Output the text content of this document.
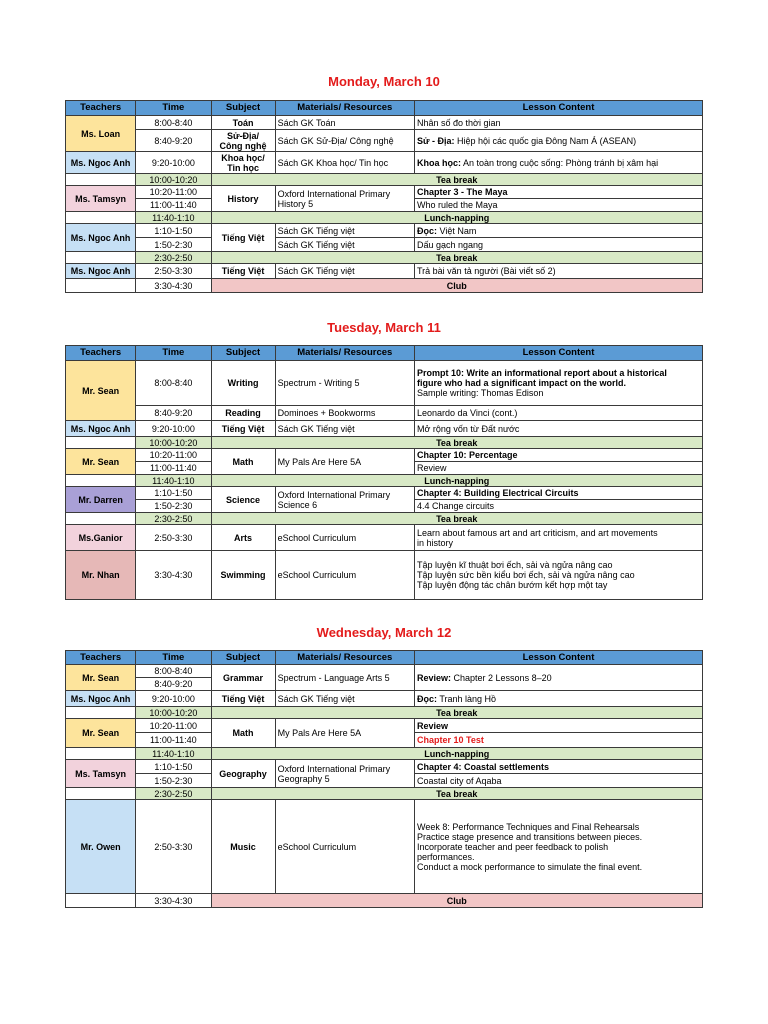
Monday, March 10
Teachers	Time	Subject	Materials/ Resources	Lesson Content
Ms. Loan	8:00-8:40	Toán	Sách GK Toán	Nhân số đo thời gian
	8:40-9:20	Sử-Địa/
Công nghệ	Sách GK Sử-Địa/ Công nghệ	Sử - Địa: Hiệp hội các quốc gia Đông Nam Á (ASEAN)
Ms. Ngoc Anh	9:20-10:00	Khoa học/
Tin học	Sách GK Khoa học/ Tin học	Khoa học: An toàn trong cuộc sống: Phòng tránh bị xâm hại
	10:00-10:20	Tea break		
Ms. Tamsyn	10:20-11:00	History	Oxford International Primary History 5	Chapter 3 - The Maya
	11:00-11:40			Who ruled the Maya
	11:40-1:10	Lunch-napping		
Ms. Ngoc Anh	1:10-1:50	Tiếng Việt	Sách GK Tiếng việt	Đọc: Việt Nam
	1:50-2:30		Sách GK Tiếng việt	Dấu gạch ngang
	2:30-2:50	Tea break		
Ms. Ngoc Anh	2:50-3:30	Tiếng Việt	Sách GK Tiếng việt	Trả bài văn tả người (Bài viết số 2)
	3:30-4:30	Club		
Tuesday, March 11
Teachers	Time	Subject	Materials/ Resources	Lesson Content
Mr. Sean	8:00-8:40	Writing	Spectrum - Writing 5	Prompt 10: Write an informational report about a historical
figure who had a significant impact on the world.
Sample writing: Thomas Edison

	8:40-9:20	Reading	Dominoes + Bookworms	Leonardo da Vinci (cont.)
Ms. Ngoc Anh	9:20-10:00	Tiếng Việt	Sách GK Tiếng việt	Mở rộng vốn từ Đất nước
	10:00-10:20	Tea break		
Mr. Sean	10:20-11:00	Math	My Pals Are Here 5A	Chapter 10: Percentage
	11:00-11:40			Review
	11:40-1:10	Lunch-napping		
Mr. Darren	1:10-1:50	Science	Oxford International Primary Science 6	Chapter 4: Building Electrical Circuits
	1:50-2:30			4.4 Change circuits
	2:30-2:50	Tea break		
Ms.Ganior	2:50-3:30	Arts	eSchool Curriculum	Learn about famous art and art criticism, and art movements
in history

Mr. Nhan	3:30-4:30	Swimming	eSchool Curriculum	Tập luyện kĩ thuật bơi ếch, sải và ngửa nâng cao
Tập luyện sức bền kiểu bơi ếch, sải và ngửa nâng cao
Tập luyện động tác chân bướm kết hợp một tay
Wednesday, March 12
Teachers	Time	Subject	Materials/ Resources	Lesson Content
Mr. Sean	8:00-8:40	Grammar	Spectrum - Language Arts 5	Review: Chapter 2 Lessons 8–20
	8:40-9:20			
Ms. Ngoc Anh	9:20-10:00	Tiếng Việt	Sách GK Tiếng việt	Đọc: Tranh làng Hồ
	10:00-10:20	Tea break		
Mr. Sean	10:20-11:00	Math	My Pals Are Here 5A	Review
	11:00-11:40			Chapter 10 Test
	11:40-1:10	Lunch-napping		
Ms. Tamsyn	1:10-1:50	Geography	Oxford International Primary Geography 5	Chapter 4: Coastal settlements
	1:50-2:30			Coastal city of Aqaba
	2:30-2:50	Tea break		
Mr. Owen	2:50-3:30	Music	eSchool Curriculum	Week 8: Performance Techniques and Final Rehearsals
Practice stage presence and transitions between pieces.
Incorporate teacher and peer feedback to polish
performances.
Conduct a mock performance to simulate the final event.

	3:30-4:30	Club		
